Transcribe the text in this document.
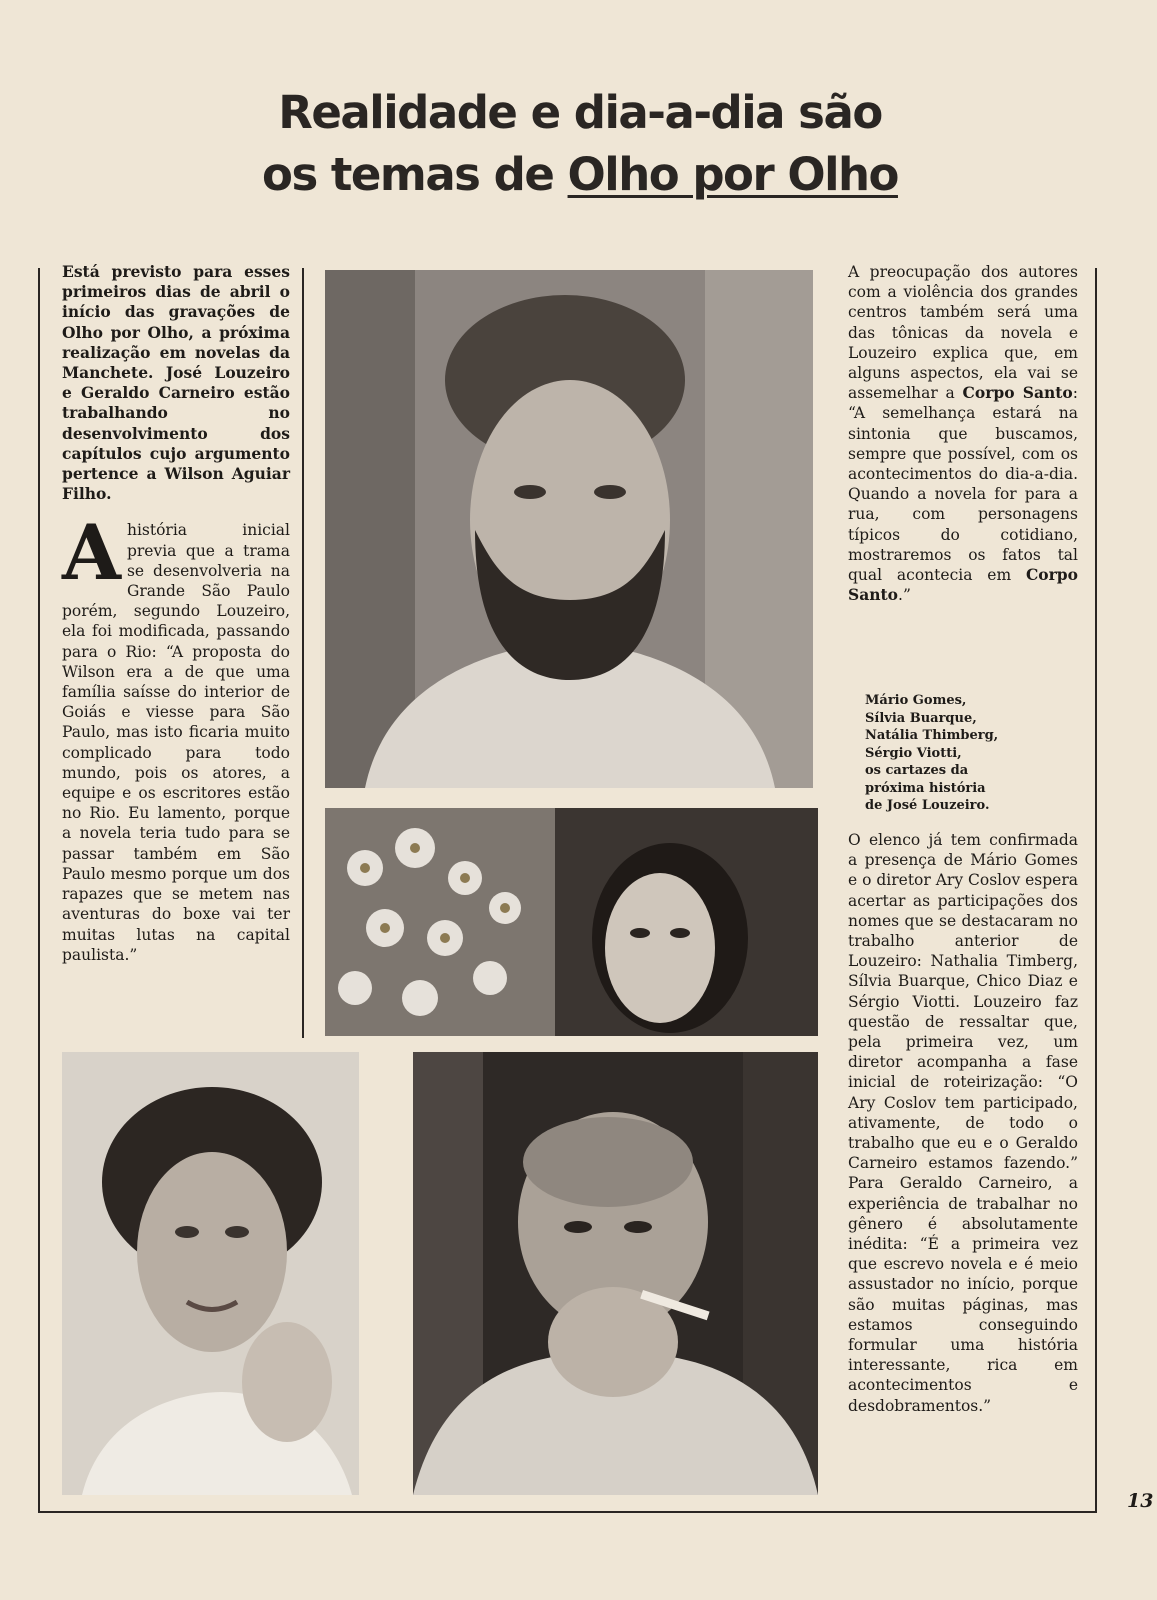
Realidade e dia-a-dia são
os temas de Olho por Olho

Está previsto para esses primeiros dias de abril o início das gravações de Olho por Olho, a próxima realização em novelas da Manchete. José Louzeiro e Geraldo Carneiro estão trabalhando no desenvolvimento dos capítulos cujo argumento pertence a Wilson Aguiar Filho.

Ahistória inicial previa que a trama se desenvolveria na Grande São Paulo porém, segundo Louzeiro, ela foi modificada, passando para o Rio: “A proposta do Wilson era a de que uma família saísse do interior de Goiás e viesse para São Paulo, mas isto ficaria muito complicado para todo mundo, pois os atores, a equipe e os escritores estão no Rio. Eu lamento, porque a novela teria tudo para se passar também em São Paulo mesmo porque um dos rapazes que se metem nas aventuras do boxe vai ter muitas lutas na capital paulista.”

A preocupação dos autores com a violência dos grandes centros também será uma das tônicas da novela e Louzeiro explica que, em alguns aspectos, ela vai se assemelhar a Corpo Santo: “A semelhança estará na sintonia que buscamos, sempre que possível, com os acontecimentos do dia-a-dia. Quando a novela for para a rua, com personagens típicos do cotidiano, mostraremos os fatos tal qual acontecia em Corpo Santo.”

Mário Gomes,
Sílvia Buarque,
Natália Thimberg,
Sérgio Viotti,
os cartazes da
próxima história
de José Louzeiro.

O elenco já tem confirmada a presença de Mário Gomes e o diretor Ary Coslov espera acertar as participações dos nomes que se destacaram no trabalho anterior de Louzeiro: Nathalia Timberg, Sílvia Buarque, Chico Diaz e Sérgio Viotti. Louzeiro faz questão de ressaltar que, pela primeira vez, um diretor acompanha a fase inicial de roteirização: “O Ary Coslov tem participado, ativamente, de todo o trabalho que eu e o Geraldo Carneiro estamos fazendo.” Para Geraldo Carneiro, a experiência de trabalhar no gênero é absolutamente inédita: “É a primeira vez que escrevo novela e é meio assustador no início, porque são muitas páginas, mas estamos conseguindo formular uma história interessante, rica em acontecimentos e desdobramentos.”

13
